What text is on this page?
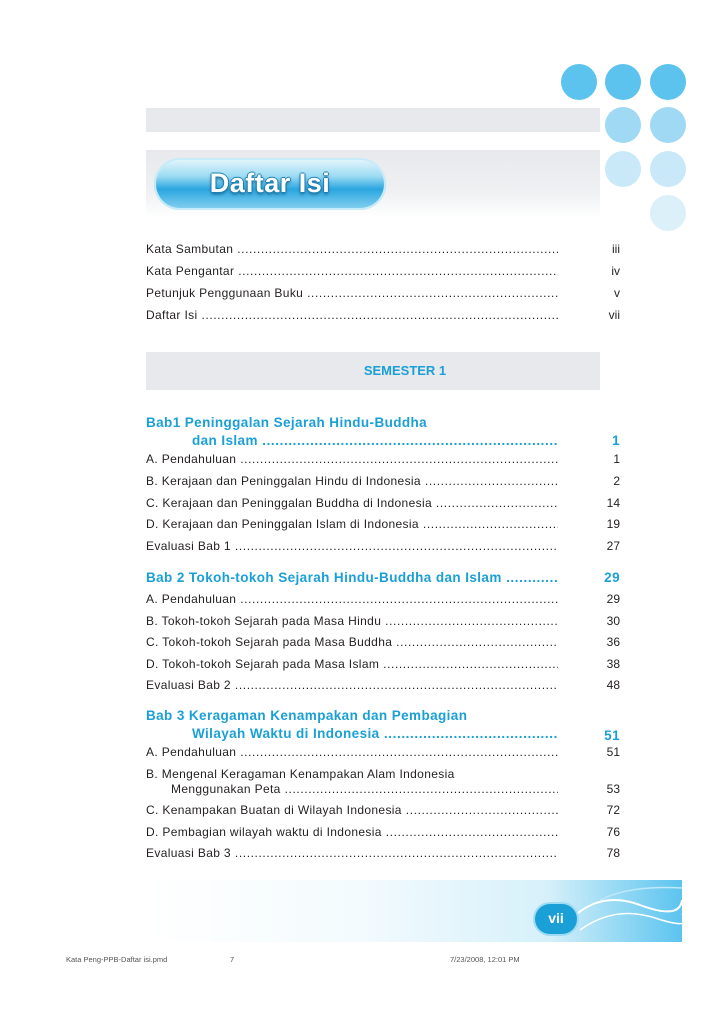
Daftar Isi
Kata Sambutan .....	iii
Kata Pengantar .....	iv
Petunjuk Penggunaan Buku .....	v
Daftar Isi .....	vii
SEMESTER 1
Bab1 Peninggalan Sejarah Hindu-Buddha
dan Islam .....	1
A. Pendahuluan .....	1
B. Kerajaan dan Peninggalan Hindu di Indonesia .....	2
C. Kerajaan dan Peninggalan Buddha di Indonesia .....	14
D. Kerajaan dan Peninggalan Islam di Indonesia .....	19
Evaluasi Bab 1 .....	27
Bab 2 Tokoh-tokoh Sejarah Hindu-Buddha dan Islam .....	29
A. Pendahuluan .....	29
B. Tokoh-tokoh Sejarah pada Masa Hindu .....	30
C. Tokoh-tokoh Sejarah pada Masa Buddha .....	36
D. Tokoh-tokoh Sejarah pada Masa Islam .....	38
Evaluasi Bab 2 .....	48
Bab 3 Keragaman Kenampakan dan Pembagian
Wilayah Waktu di Indonesia .....	51
A. Pendahuluan .....	51
B. Mengenal Keragaman Kenampakan Alam Indonesia
Menggunakan Peta .....	53
C. Kenampakan Buatan di Wilayah Indonesia .....	72
D. Pembagian wilayah waktu di Indonesia .....	76
Evaluasi Bab 3 .....	78
vii
Kata Peng-PPB-Daftar isi.pmd	7	7/23/2008, 12:01 PM
